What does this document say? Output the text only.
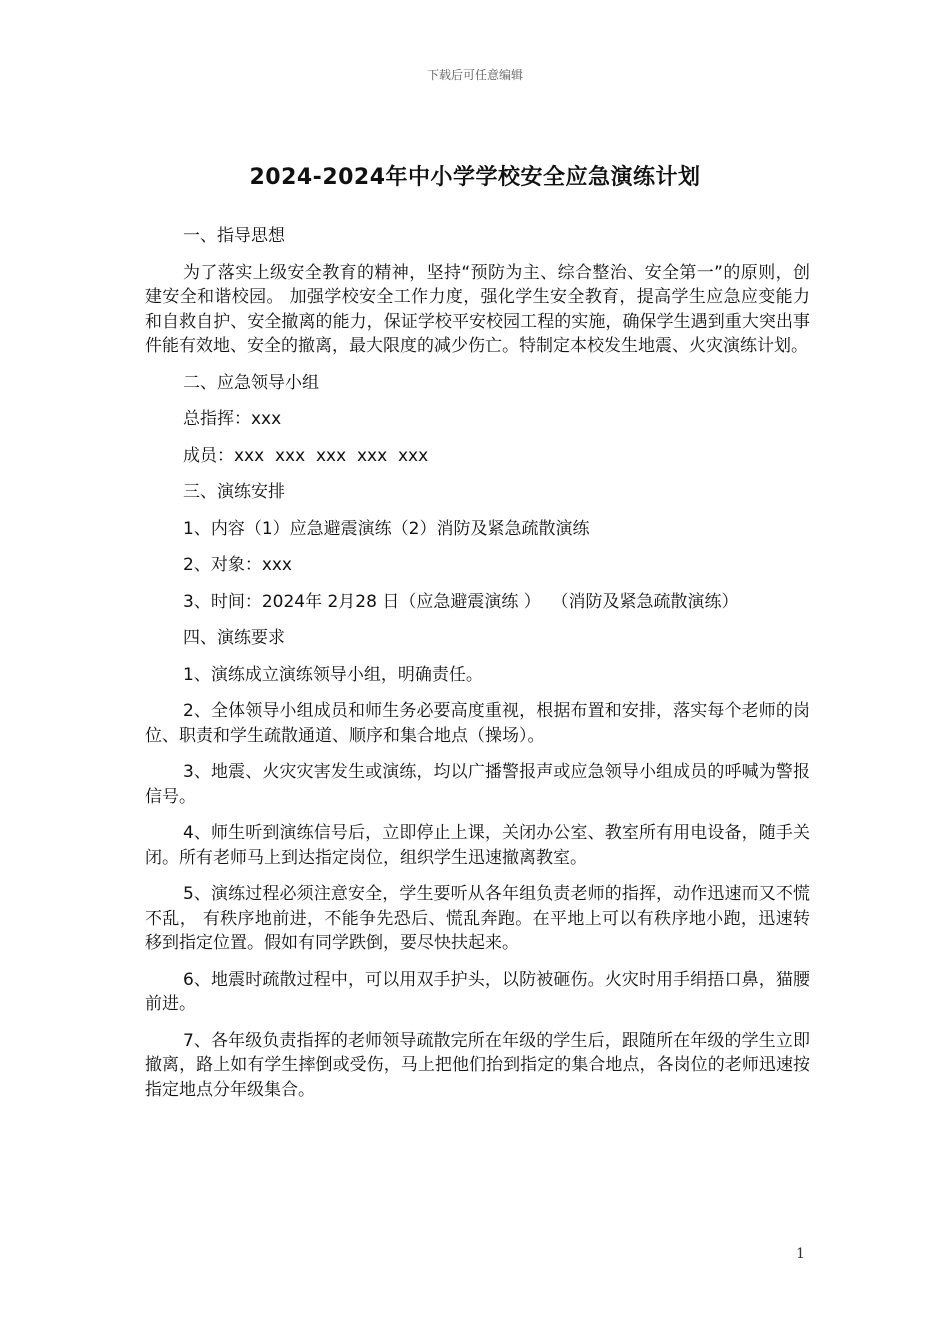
下载后可任意编辑
2024-2024年中小学学校安全应急演练计划

一、指导思想

为了落实上级安全教育的精神，坚持“预防为主、综合整治、安全第一”的原则，创建安全和谐校园。 加强学校安全工作力度，强化学生安全教育，提高学生应急应变能力和自救自护、安全撤离的能力，保证学校平安校园工程的实施，确保学生遇到重大突出事件能有效地、安全的撤离，最大限度的减少伤亡。特制定本校发生地震、火灾演练计划。

二、应急领导小组

总指挥：xxx

成员：xxx  xxx  xxx  xxx  xxx

三、演练安排

1、内容（1）应急避震演练（2）消防及紧急疏散演练

2、对象：xxx

3、时间：2024年 2月28 日（应急避震演练 ）  （消防及紧急疏散演练）

四、演练要求

1、演练成立演练领导小组，明确责任。

2、全体领导小组成员和师生务必要高度重视，根据布置和安排，落实每个老师的岗位、职责和学生疏散通道、顺序和集合地点（操场）。

3、地震、火灾灾害发生或演练，均以广播警报声或应急领导小组成员的呼喊为警报信号。

4、师生听到演练信号后，立即停止上课，关闭办公室、教室所有用电设备，随手关闭。所有老师马上到达指定岗位，组织学生迅速撤离教室。

5、演练过程必须注意安全，学生要听从各年组负责老师的指挥，动作迅速而又不慌不乱， 有秩序地前进，不能争先恐后、慌乱奔跑。在平地上可以有秩序地小跑，迅速转移到指定位置。假如有同学跌倒，要尽快扶起来。

6、地震时疏散过程中，可以用双手护头，以防被砸伤。火灾时用手绢捂口鼻，猫腰前进。

7、各年级负责指挥的老师领导疏散完所在年级的学生后，跟随所在年级的学生立即撤离，路上如有学生摔倒或受伤，马上把他们抬到指定的集合地点，各岗位的老师迅速按指定地点分年级集合。

1
